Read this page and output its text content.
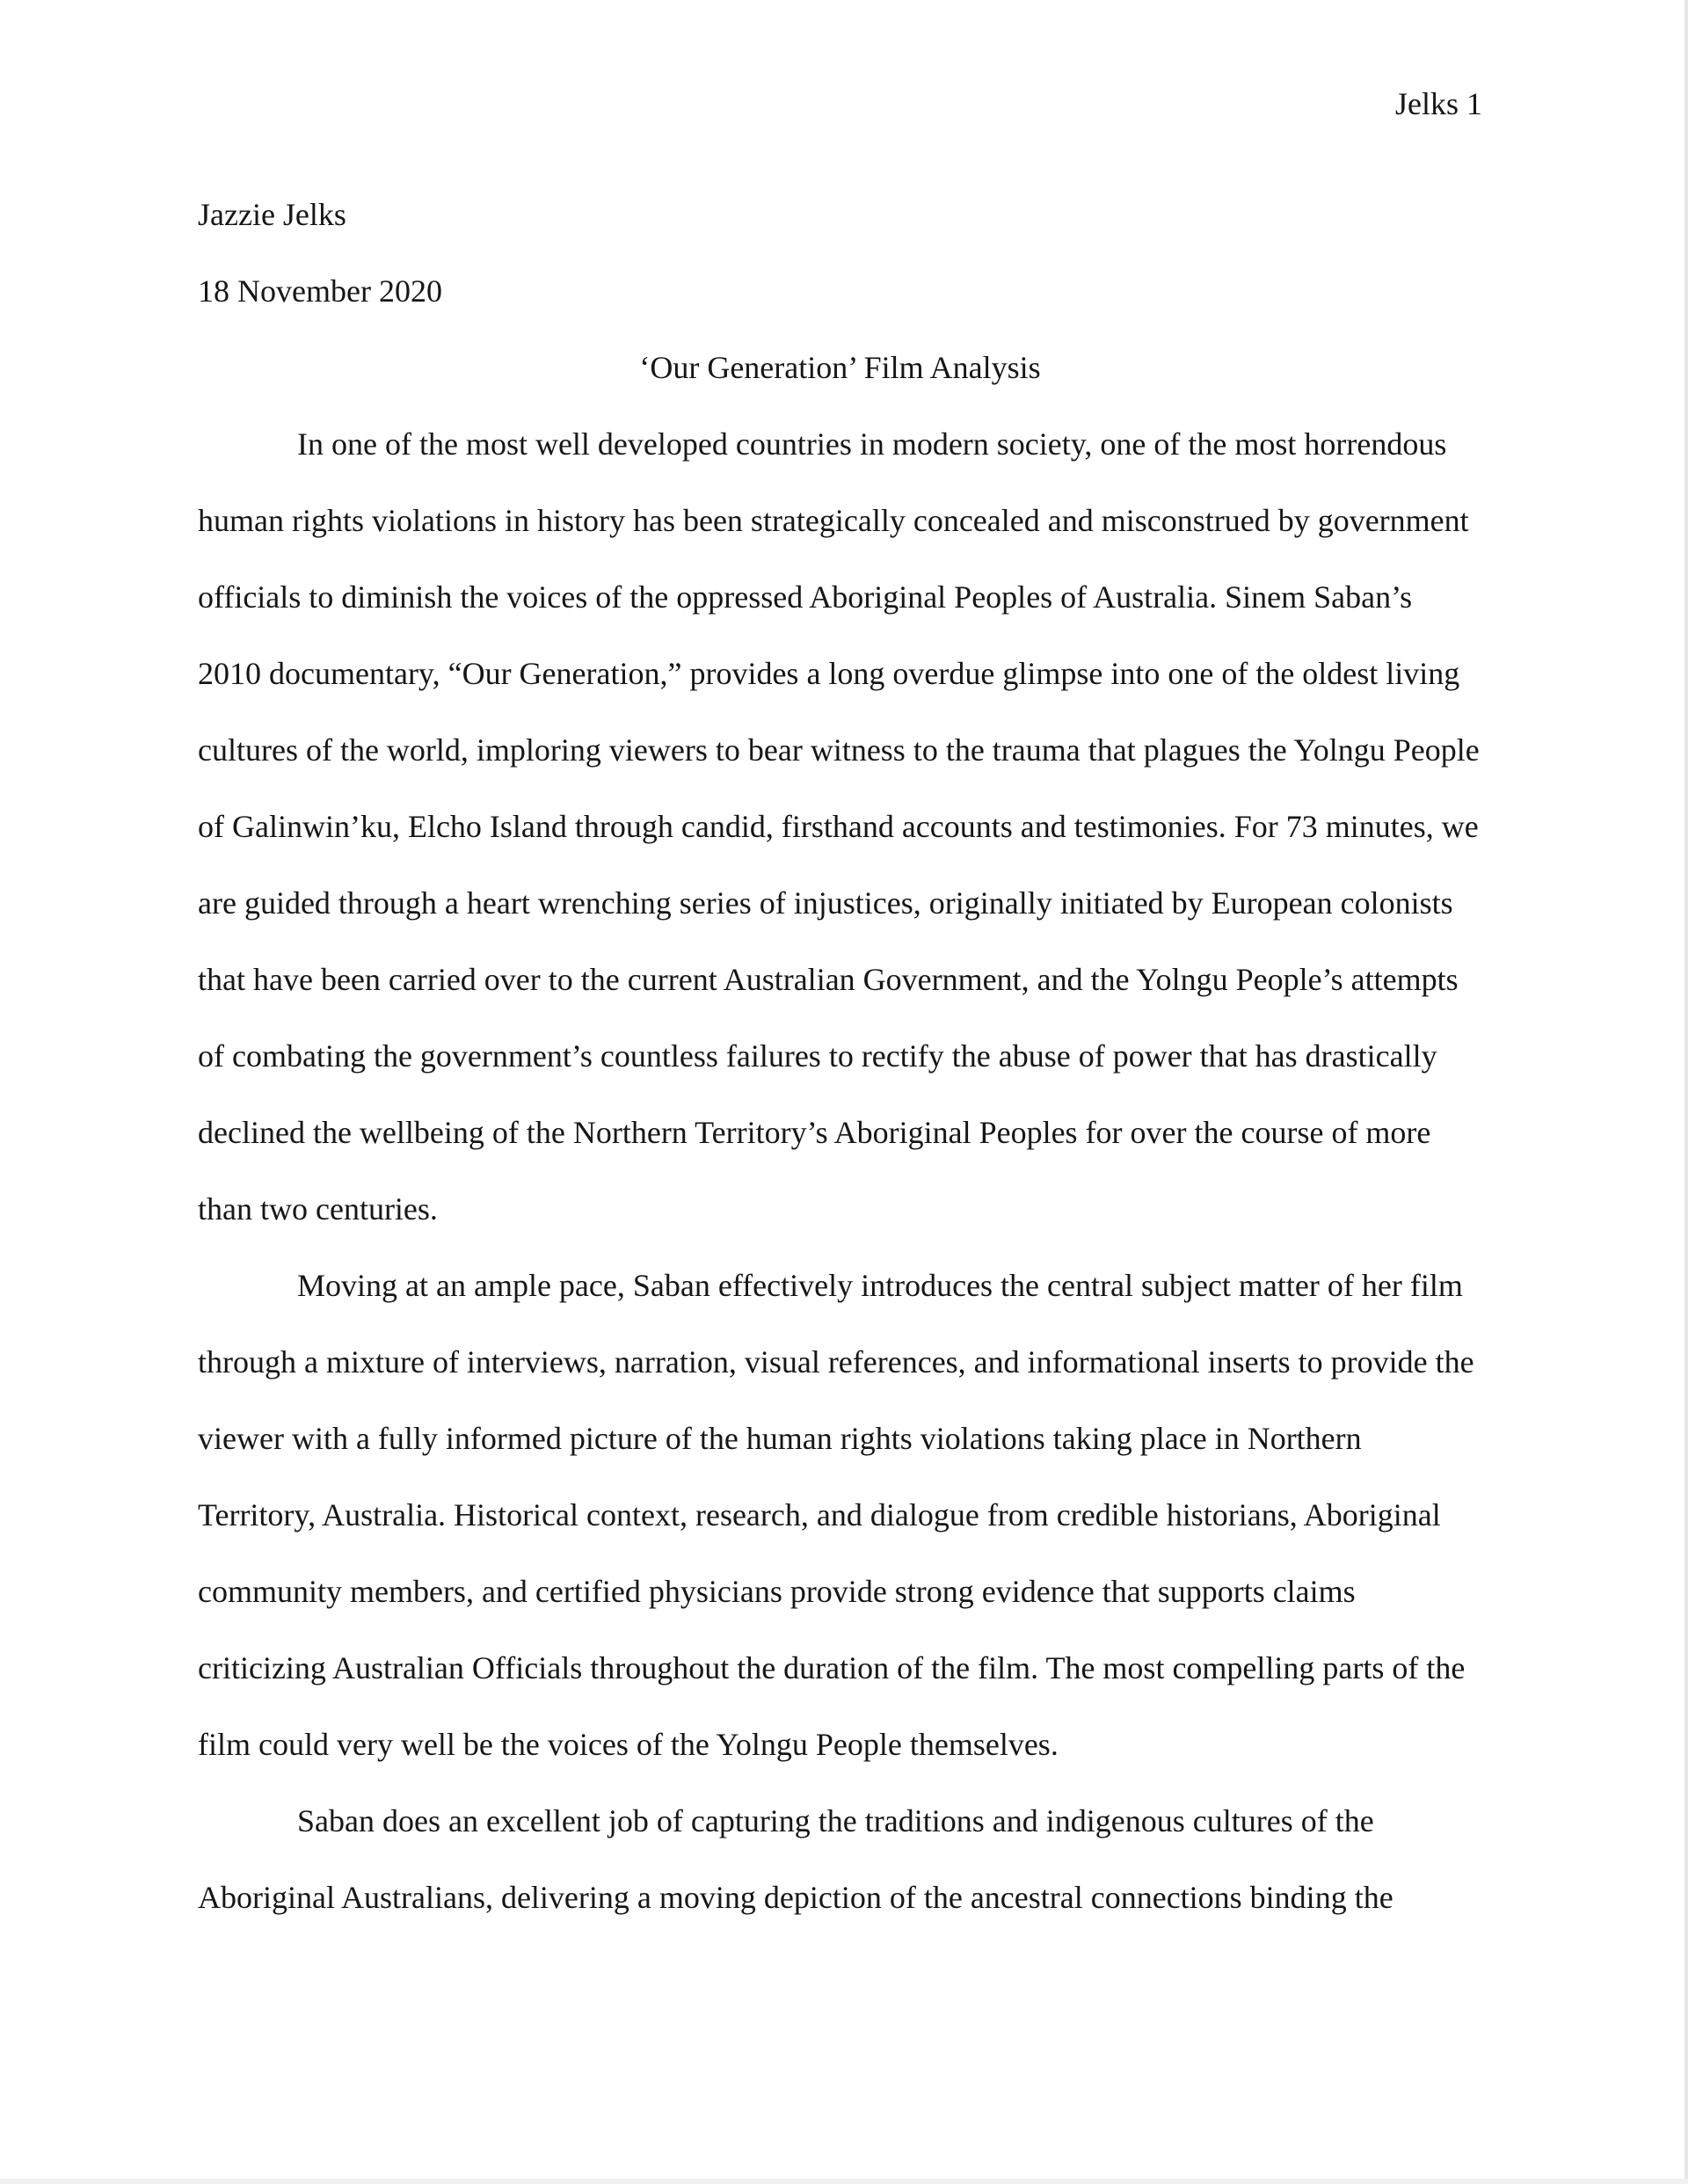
Jelks 1

Jazzie Jelks

18 November 2020

‘Our Generation’ Film Analysis

In one of the most well developed countries in modern society, one of the most horrendous human rights violations in history has been strategically concealed and misconstrued by government officials to diminish the voices of the oppressed Aboriginal Peoples of Australia. Sinem Saban’s 2010 documentary, “Our Generation,” provides a long overdue glimpse into one of the oldest living cultures of the world, imploring viewers to bear witness to the trauma that plagues the Yolngu People of Galinwin’ku, Elcho Island through candid, firsthand accounts and testimonies. For 73 minutes, we are guided through a heart wrenching series of injustices, originally initiated by European colonists that have been carried over to the current Australian Government, and the Yolngu People’s attempts of combating the government’s countless failures to rectify the abuse of power that has drastically declined the wellbeing of the Northern Territory’s Aboriginal Peoples for over the course of more than two centuries.

Moving at an ample pace, Saban effectively introduces the central subject matter of her film through a mixture of interviews, narration, visual references, and informational inserts to provide the viewer with a fully informed picture of the human rights violations taking place in Northern Territory, Australia. Historical context, research, and dialogue from credible historians, Aboriginal community members, and certified physicians provide strong evidence that supports claims criticizing Australian Officials throughout the duration of the film. The most compelling parts of the film could very well be the voices of the Yolngu People themselves.

Saban does an excellent job of capturing the traditions and indigenous cultures of the Aboriginal Australians, delivering a moving depiction of the ancestral connections binding the
